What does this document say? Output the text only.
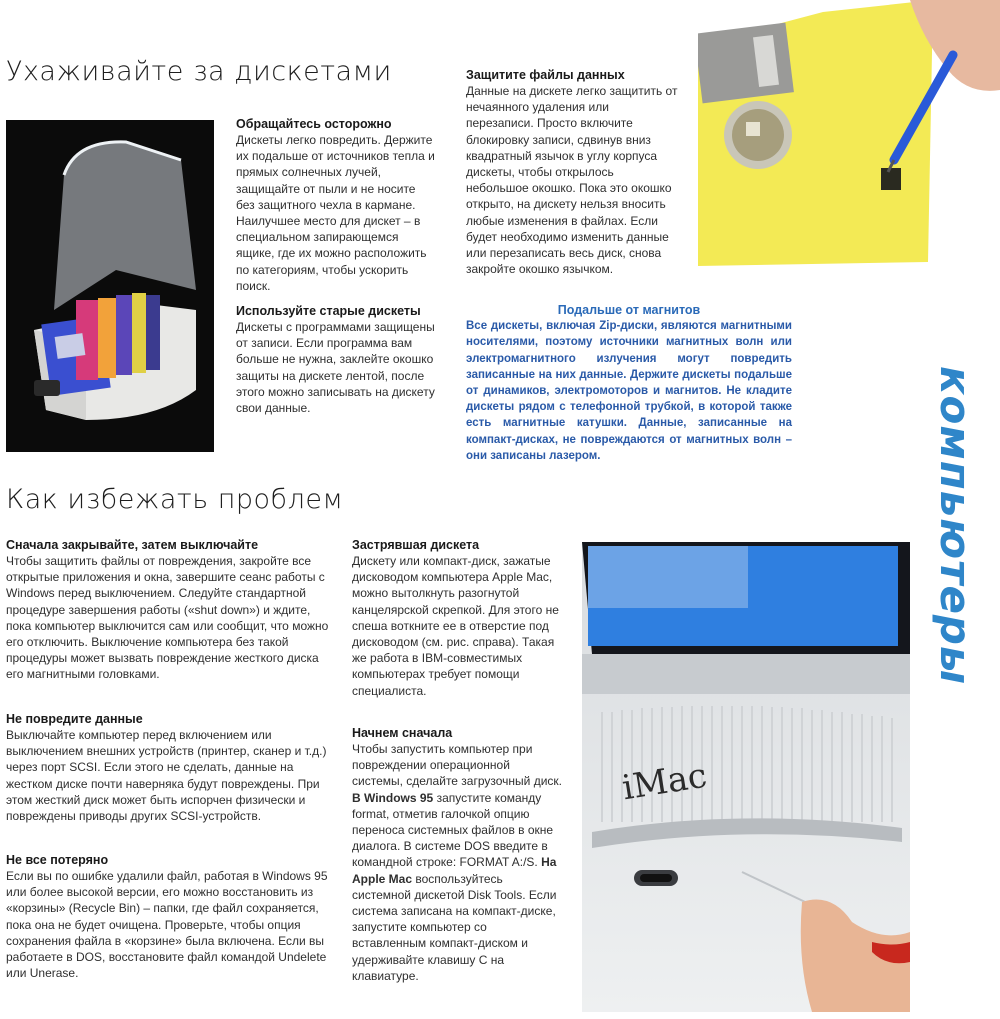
Ухаживайте за дискетами
Обращайтесь осторожно

Дискеты легко повредить. Держите их подальше от источников тепла и прямых солнечных лучей, защищайте от пыли и не носите без защитного чехла в кармане. Наилучшее место для дискет – в специальном запирающемся ящике, где их можно расположить по категориям, чтобы ускорить поиск.

Используйте старые дискеты

Дискеты с программами защищены от записи. Если программа вам больше не нужна, заклейте окошко защиты на дискете лентой, после этого можно записывать на дискету свои данные.

Защитите файлы данных

Данные на дискете легко защитить от нечаянного удаления или перезаписи. Просто включите блокировку записи, сдвинув вниз квадратный язычок в углу корпуса дискеты, чтобы открылось небольшое окошко. Пока это окошко открыто, на дискету нельзя вносить любые изменения в файлах. Если будет необходимо изменить данные или перезаписать весь диск, снова закройте окошко язычком.

Подальше от магнитов

Все дискеты, включая Zip-диски, являются магнитными носителями, поэтому источники магнитных волн или электромагнитного излучения могут повредить записанные на них данные. Держите дискеты подальше от динамиков, электромоторов и магнитов. Не кладите дискеты рядом с телефонной трубкой, в которой также есть магнитные катушки. Данные, записанные на компакт-дисках, не повреждаются от магнитных волн – они записаны лазером.	компьютеры
Как избежать проблем
Сначала закрывайте, затем выключайте

Чтобы защитить файлы от повреждения, закройте все открытые приложения и окна, завершите сеанс работы с Windows перед выключением. Следуйте стандартной процедуре завершения работы («shut down») и ждите, пока компьютер выключится сам или сообщит, что можно его отключить. Выключение компьютера без такой процедуры может вызвать повреждение жесткого диска его магнитными головками.

Не повредите данные

Выключайте компьютер перед включением или выключением внешних устройств (принтер, сканер и т.д.) через порт SCSI. Если этого не сделать, данные на жестком диске почти наверняка будут повреждены. При этом жесткий диск может быть испорчен физически и повреждены приводы других SCSI-устройств.

Не все потеряно

Если вы по ошибке удалили файл, работая в Windows 95 или более высокой версии, его можно восстановить из «корзины» (Recycle Bin) – папки, где файл сохраняется, пока она не будет очищена. Проверьте, чтобы опция сохранения файла в «корзине» была включена. Если вы работаете в DOS, восстановите файл командой Undelete или Unerase.

Застрявшая дискета

Дискету или компакт-диск, зажатые дисководом компьютера Apple Mac, можно вытолкнуть разогнутой канцелярской скрепкой. Для этого не спеша воткните ее в отверстие под дисководом (см. рис. справа). Такая же работа в IBM-совместимых компьютерах требует помощи специалиста.

Начнем сначала

Чтобы запустить компьютер при повреждении операционной системы, сделайте загрузочный диск. В Windows 95 запустите команду format, отметив галочкой опцию переноса системных файлов в окне диалога. В системе DOS введите в командной строке: FORMAT A:/S. На Apple Mac воспользуйтесь системной дискетой Disk Tools. Если система записана на компакт-диске, запустите компьютер со вставленным компакт-диском и удерживайте клавишу С на клавиатуре.

iMac
